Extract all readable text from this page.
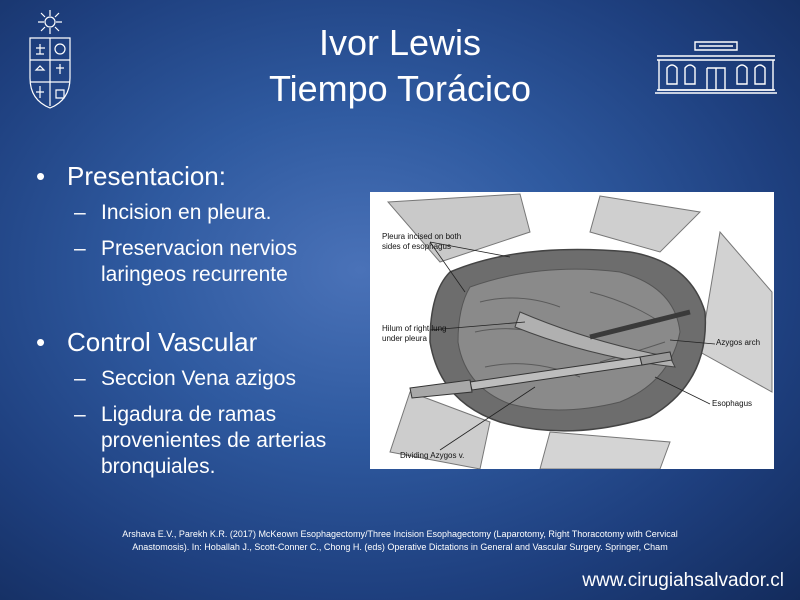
Ivor Lewis
Tiempo Torácico
• Presentacion:
– Incision en pleura.
– Preservacion nervios laringeos recurrente
• Control Vascular
– Seccion Vena azigos
– Ligadura de ramas provenientes de arterias bronquiales.
Pleura incised on both
sides of esophagus
Hilum of right lung
under pleura	Azygos arch
Esophagus
Dividing Azygos v.
Arshava E.V., Parekh K.R. (2017) McKeown Esophagectomy/Three Incision Esophagectomy (Laparotomy, Right Thoracotomy with Cervical
Anastomosis). In: Hoballah J., Scott-Conner C., Chong H. (eds) Operative Dictations in General and Vascular Surgery. Springer, Cham
www.cirugiahsalvador.cl
